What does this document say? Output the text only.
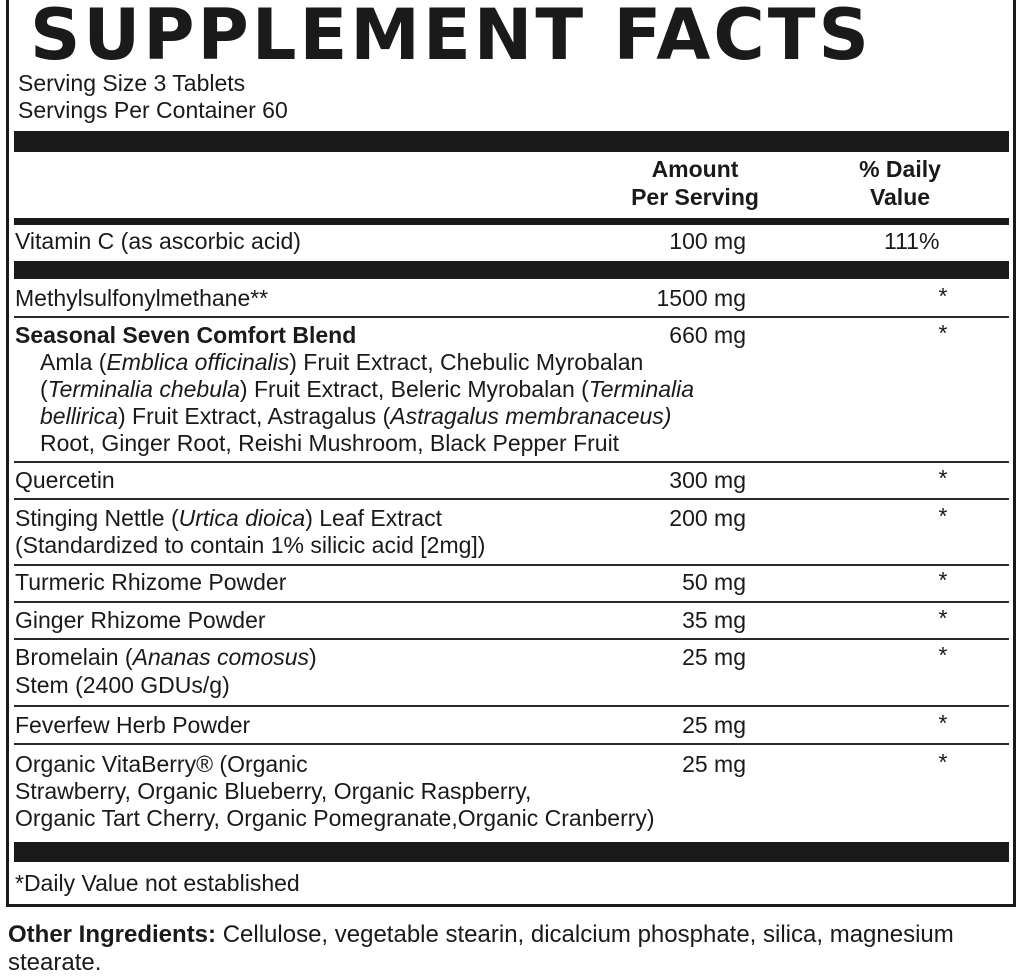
SUPPLEMENT FACTS
Serving Size 3 Tablets
Servings Per Container 60
Amount
Per Serving
% Daily
Value
Vitamin C (as ascorbic acid)	100 mg	111%
Methylsulfonylmethane**	1500 mg	*
Seasonal Seven Comfort Blend	660 mg	*
Amla (Emblica officinalis) Fruit Extract, Chebulic Myrobalan
(Terminalia chebula) Fruit Extract, Beleric Myrobalan (Terminalia
bellirica) Fruit Extract, Astragalus (Astragalus membranaceus)
Root, Ginger Root, Reishi Mushroom, Black Pepper Fruit
Quercetin	300 mg	*
Stinging Nettle (Urtica dioica) Leaf Extract
(Standardized to contain 1% silicic acid [2mg])
200 mg	*
Turmeric Rhizome Powder	50 mg	*
Ginger Rhizome Powder	35 mg	*
Bromelain (Ananas comosus)
Stem (2400 GDUs/g)
25 mg	*
Feverfew Herb Powder	25 mg	*
Organic VitaBerry® (Organic
Strawberry, Organic Blueberry, Organic Raspberry,
Organic Tart Cherry, Organic Pomegranate,Organic Cranberry)
25 mg	*
*Daily Value not established
Other Ingredients: Cellulose, vegetable stearin, dicalcium phosphate, silica, magnesium stearate.
